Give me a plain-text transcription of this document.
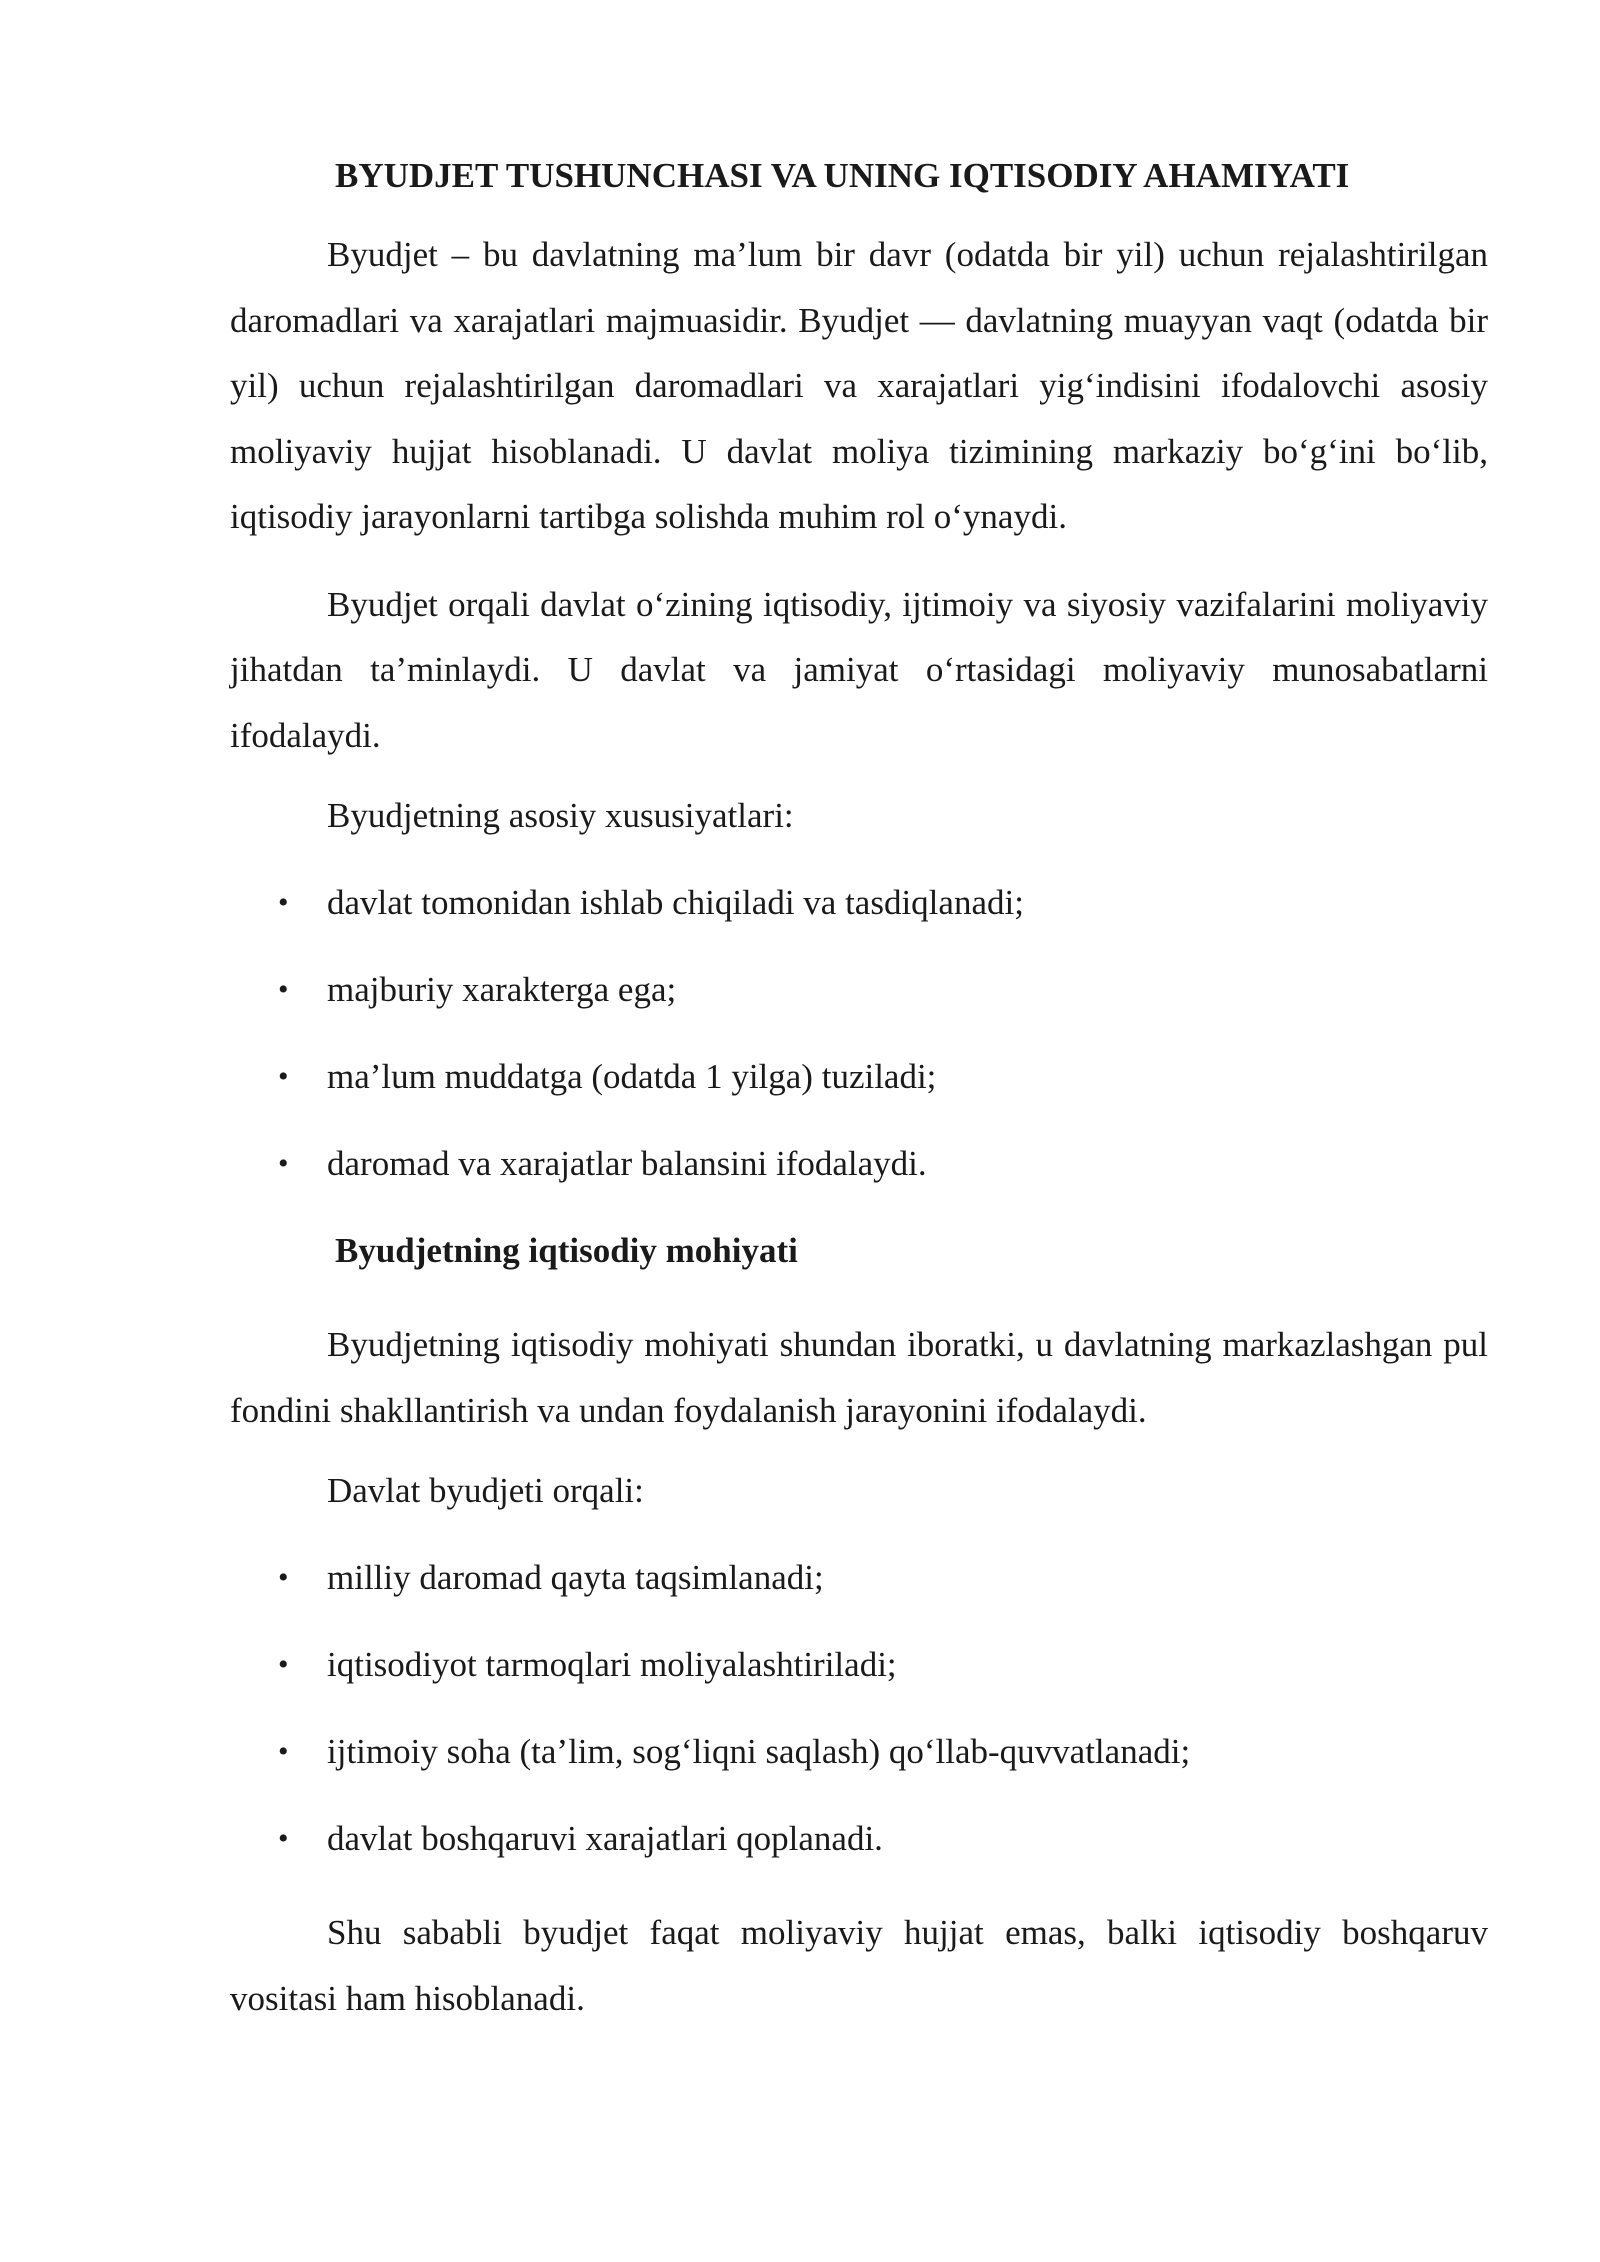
BYUDJET TUSHUNCHASI VA UNING IQTISODIY AHAMIYATI

Byudjet – bu davlatning ma’lum bir davr (odatda bir yil) uchun rejalashtirilgan daromadlari va xarajatlari majmuasidir. Byudjet — davlatning muayyan vaqt (odatda bir yil) uchun rejalashtirilgan daromadlari va xarajatlari yig‘indisini ifodalovchi asosiy moliyaviy hujjat hisoblanadi. U davlat moliya tizimining markaziy bo‘g‘ini bo‘lib, iqtisodiy jarayonlarni tartibga solishda muhim rol o‘ynaydi.

Byudjet orqali davlat o‘zining iqtisodiy, ijtimoiy va siyosiy vazifalarini moliyaviy jihatdan ta’minlaydi. U davlat va jamiyat o‘rtasidagi moliyaviy munosabatlarni ifodalaydi.

Byudjetning asosiy xususiyatlari:
• davlat tomonidan ishlab chiqiladi va tasdiqlanadi;
• majburiy xarakterga ega;
• ma’lum muddatga (odatda 1 yilga) tuziladi;
• daromad va xarajatlar balansini ifodalaydi.
Byudjetning iqtisodiy mohiyati

Byudjetning iqtisodiy mohiyati shundan iboratki, u davlatning markazlashgan pul fondini shakllantirish va undan foydalanish jarayonini ifodalaydi.

Davlat byudjeti orqali:
• milliy daromad qayta taqsimlanadi;
• iqtisodiyot tarmoqlari moliyalashtiriladi;
• ijtimoiy soha (ta’lim, sog‘liqni saqlash) qo‘llab-quvvatlanadi;
• davlat boshqaruvi xarajatlari qoplanadi.

Shu sababli byudjet faqat moliyaviy hujjat emas, balki iqtisodiy boshqaruv vositasi ham hisoblanadi.
